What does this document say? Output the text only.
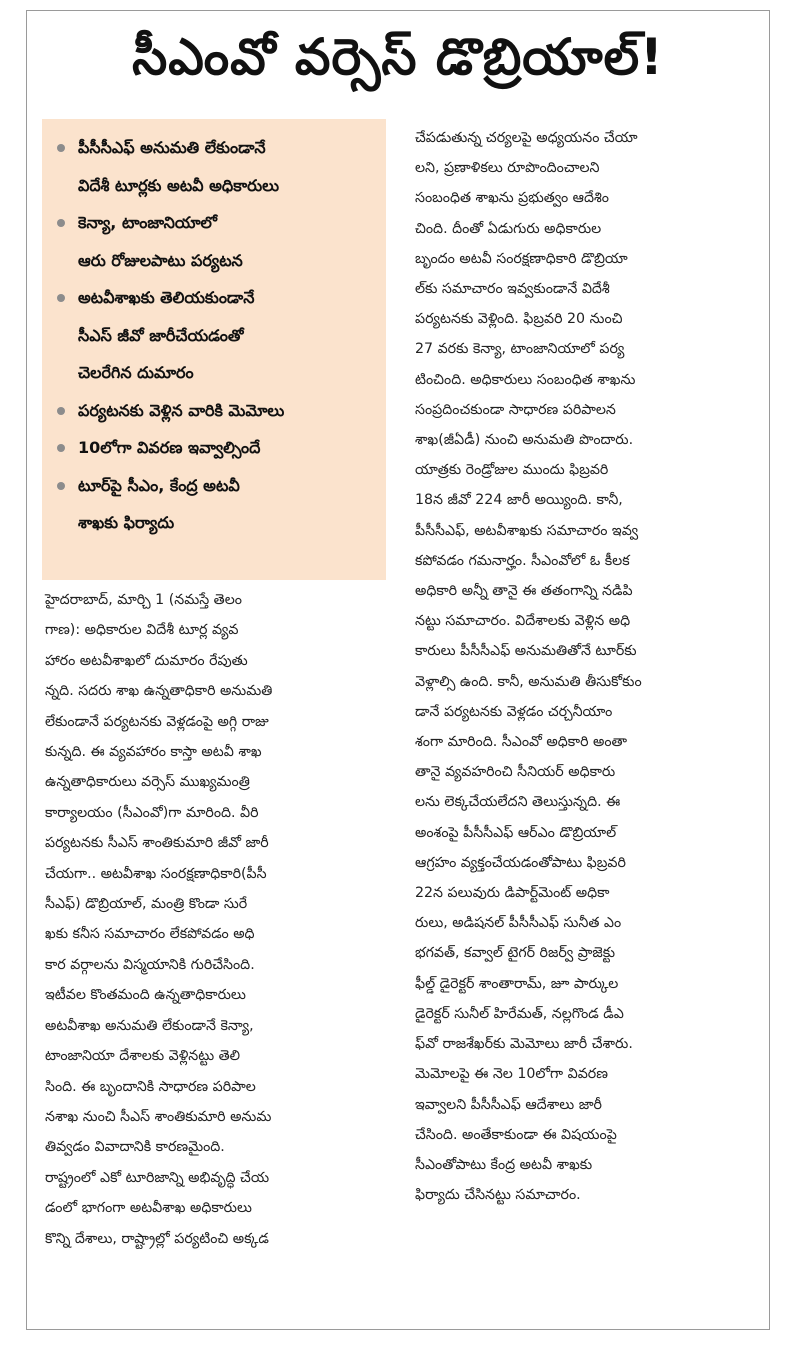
సీఎంవో వర్సెస్ డొబ్రియాల్!
పీసీసీఎఫ్ అనుమతి లేకుండానే
విదేశీ టూర్లకు అటవీ అధికారులు
కెన్యా, టాంజానియాలో
ఆరు రోజులపాటు పర్యటన
అటవీశాఖకు తెలియకుండానే
సీఎస్ జీవో జారీచేయడంతో
చెలరేగిన దుమారం
పర్యటనకు వెళ్లిన వారికి మెమోలు
10లోగా వివరణ ఇవ్వాల్సిందే
టూర్‌పై సీఎం, కేంద్ర అటవీ
శాఖకు ఫిర్యాదు
హైదరాబాద్, మార్చి 1 (నమస్తే తెలం
గాణ): అధికారుల విదేశీ టూర్ల వ్యవ
హారం అటవీశాఖలో దుమారం రేపుతు
న్నది. సదరు శాఖ ఉన్నతాధికారి అనుమతి
లేకుండానే పర్యటనకు వెళ్లడంపై అగ్గి రాజు
కున్నది. ఈ వ్యవహారం కాస్తా అటవీ శాఖ
ఉన్నతాధికారులు వర్సెస్ ముఖ్యమంత్రి
కార్యాలయం (సీఎంవో)గా మారింది. వీరి
పర్యటనకు సీఎస్ శాంతికుమారి జీవో జారీ
చేయగా.. అటవీశాఖ సంరక్షణాధికారి(పీసీ
సీఎఫ్) డొబ్రియాల్, మంత్రి కొండా సురే
ఖకు కనీస సమాచారం లేకపోవడం అధి
కార వర్గాలను విస్మయానికి గురిచేసింది.
ఇటీవల కొంతమంది ఉన్నతాధికారులు
అటవీశాఖ అనుమతి లేకుండానే కెన్యా,
టాంజానియా దేశాలకు వెళ్లినట్టు తెలి
సింది. ఈ బృందానికి సాధారణ పరిపాల
నశాఖ నుంచి సీఎస్ శాంతికుమారి అనుమ
తివ్వడం వివాదానికి కారణమైంది.
రాష్ట్రంలో ఎకో టూరిజాన్ని అభివృద్ధి చేయ
డంలో భాగంగా అటవీశాఖ అధికారులు
కొన్ని దేశాలు, రాష్ట్రాల్లో పర్యటించి అక్కడ
చేపడుతున్న చర్యలపై అధ్యయనం చేయా
లని, ప్రణాళికలు రూపొందించాలని
సంబంధిత శాఖను ప్రభుత్వం ఆదేశిం
చింది. దీంతో ఏడుగురు అధికారుల
బృందం అటవీ సంరక్షణాధికారి డొబ్రియా
ల్‌కు సమాచారం ఇవ్వకుండానే విదేశీ
పర్యటనకు వెళ్లింది. ఫిబ్రవరి 20 నుంచి
27 వరకు కెన్యా, టాంజానియాలో పర్య
టించింది. అధికారులు సంబంధిత శాఖను
సంప్రదించకుండా సాధారణ పరిపాలన
శాఖ(జీఏడీ) నుంచి అనుమతి పొందారు.
యాత్రకు రెండ్రోజుల ముందు ఫిబ్రవరి
18న జీవో 224 జారీ అయ్యింది. కానీ,
పీసీసీఎఫ్, అటవీశాఖకు సమాచారం ఇవ్వ
కపోవడం గమనార్హం. సీఎంవోలో ఓ కీలక
అధికారి అన్నీ తానై ఈ తతంగాన్ని నడిపి
నట్టు సమాచారం. విదేశాలకు వెళ్లిన అధి
కారులు పీసీసీఎఫ్ అనుమతితోనే టూర్‌కు
వెళ్లాల్సి ఉంది. కానీ, అనుమతి తీసుకోకుం
డానే పర్యటనకు వెళ్లడం చర్చనీయాం
శంగా మారింది. సీఎంవో అధికారి అంతా
తానై వ్యవహరించి సీనియర్ అధికారు
లను లెక్కచేయలేదని తెలుస్తున్నది. ఈ
అంశంపై పీసీసీఎఫ్ ఆర్ఎం డొబ్రియాల్
ఆగ్రహం వ్యక్తంచేయడంతోపాటు ఫిబ్రవరి
22న పలువురు డిపార్ట్‌మెంట్ అధికా
రులు, అడిషనల్ పీసీసీఎఫ్ సునీత ఎం
భగవత్, కవ్వాల్ టైగర్ రిజర్వ్ ప్రాజెక్టు
ఫీల్డ్ డైరెక్టర్ శాంతారామ్, జూ పార్కుల
డైరెక్టర్ సునీల్ హిరేమత్, నల్లగొండ డీఎ
ఫ్‌వో రాజశేఖర్‌కు మెమోలు జారీ చేశారు.
మెమోలపై ఈ నెల 10లోగా వివరణ
ఇవ్వాలని పీసీసీఎఫ్ ఆదేశాలు జారీ
చేసింది. అంతేకాకుండా ఈ విషయంపై
సీఎంతోపాటు కేంద్ర అటవీ శాఖకు
ఫిర్యాదు చేసినట్టు సమాచారం.
